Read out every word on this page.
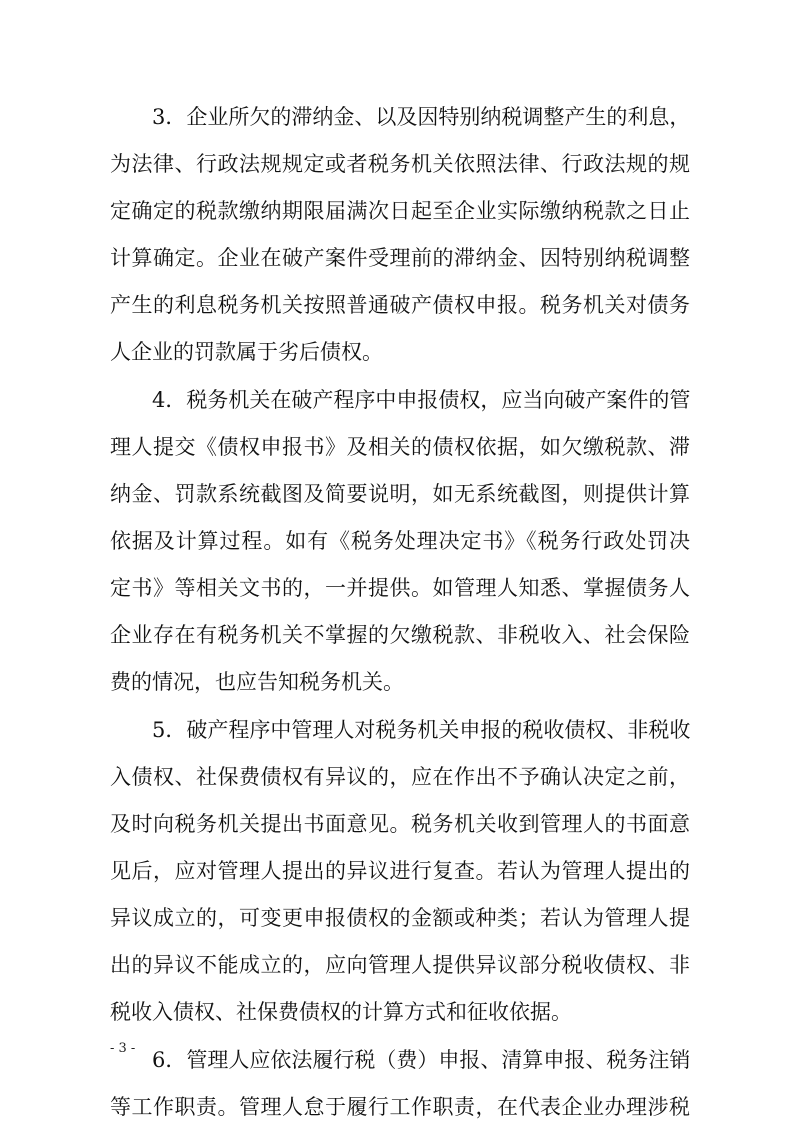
3．企业所欠的滞纳金、以及因特别纳税调整产生的利息，
为法律、行政法规规定或者税务机关依照法律、行政法规的规
定确定的税款缴纳期限届满次日起至企业实际缴纳税款之日止
计算确定。企业在破产案件受理前的滞纳金、因特别纳税调整
产生的利息税务机关按照普通破产债权申报。税务机关对债务
人企业的罚款属于劣后债权。
4．税务机关在破产程序中申报债权，应当向破产案件的管
理人提交《债权申报书》及相关的债权依据，如欠缴税款、滞
纳金、罚款系统截图及简要说明，如无系统截图，则提供计算
依据及计算过程。如有《税务处理决定书》《税务行政处罚决
定书》等相关文书的，一并提供。如管理人知悉、掌握债务人
企业存在有税务机关不掌握的欠缴税款、非税收入、社会保险
费的情况，也应告知税务机关。
5．破产程序中管理人对税务机关申报的税收债权、非税收
入债权、社保费债权有异议的，应在作出不予确认决定之前，
及时向税务机关提出书面意见。税务机关收到管理人的书面意
见后，应对管理人提出的异议进行复查。若认为管理人提出的
异议成立的，可变更申报债权的金额或种类；若认为管理人提
出的异议不能成立的，应向管理人提供异议部分税收债权、非
税收入债权、社保费债权的计算方式和征收依据。
6．管理人应依法履行税（费）申报、清算申报、税务注销
等工作职责。管理人怠于履行工作职责，在代表企业办理涉税
- 3 -
